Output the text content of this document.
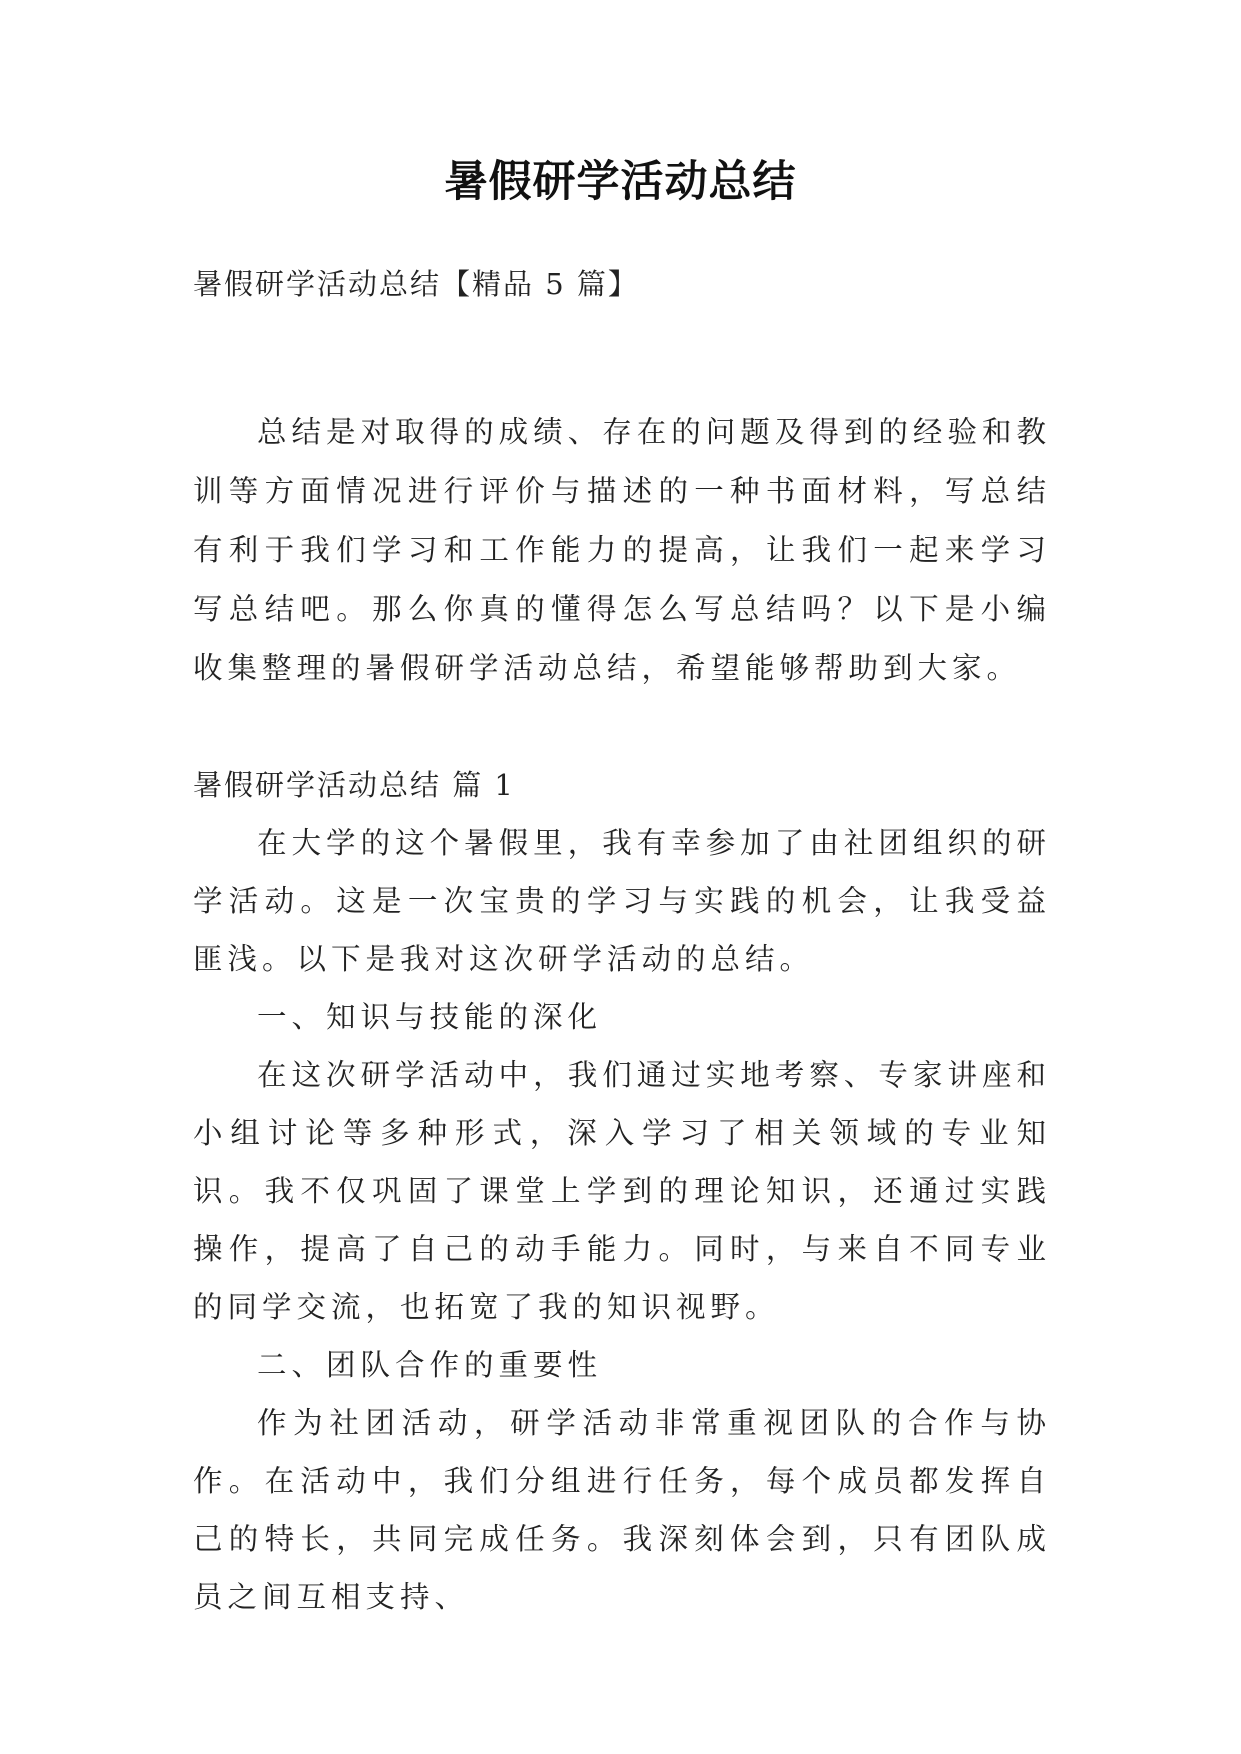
暑假研学活动总结

暑假研学活动总结【精品 5 篇】

总结是对取得的成绩、存在的问题及得到的经验和教训等方面情况进行评价与描述的一种书面材料，写总结有利于我们学习和工作能力的提高，让我们一起来学习写总结吧。那么你真的懂得怎么写总结吗？以下是小编收集整理的暑假研学活动总结，希望能够帮助到大家。

暑假研学活动总结 篇 1

在大学的这个暑假里，我有幸参加了由社团组织的研学活动。这是一次宝贵的学习与实践的机会，让我受益匪浅。以下是我对这次研学活动的总结。

一、知识与技能的深化

在这次研学活动中，我们通过实地考察、专家讲座和小组讨论等多种形式，深入学习了相关领域的专业知识。我不仅巩固了课堂上学到的理论知识，还通过实践操作，提高了自己的动手能力。同时，与来自不同专业的同学交流，也拓宽了我的知识视野。

二、团队合作的重要性

作为社团活动，研学活动非常重视团队的合作与协作。在活动中，我们分组进行任务，每个成员都发挥自己的特长，共同完成任务。我深刻体会到，只有团队成员之间互相支持、
